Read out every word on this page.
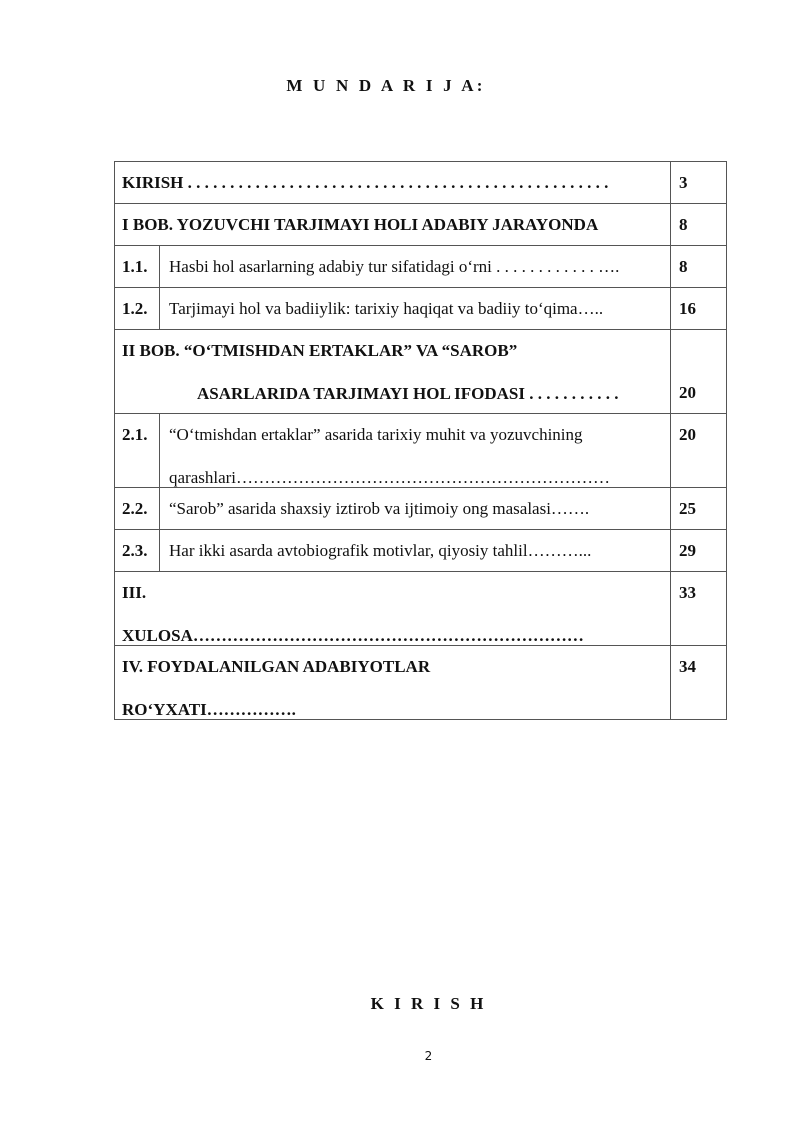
M U N D A R I J A:
KIRISH . . . . . . . . . . . . . . . . . . . . . . . . . . . . . . . . . . . . . . . . . . . . . . . . . .		3
I BOB. YOZUVCHI TARJIMAYI HOLI ADABIY JARAYONDA		8
1.1.	Hasbi hol asarlarning adabiy tur sifatidagi o‘rni . . . . . . . . . . . . ….	8
1.2.	Tarjimayi hol va badiiylik: tarixiy haqiqat va badiiy to‘qima…..	16

II BOB. “O‘TMISHDAN ERTAKLAR” VA “SAROB”
ASARLARIDA TARJIMAYI HOL IFODASI . . . . . . . . . . .		20

2.1.	“O‘tmishdan ertaklar” asarida tarixiy muhit va yozuvchining
qarashlari…………………………………………………………	20
2.2.	“Sarob” asarida shaxsiy iztirob va ijtimoiy ong masalasi…….	25
2.3.	Har ikki asarda avtobiografik motivlar, qiyosiy tahlil………...	29

III.
XULOSA……………………………………………………………		33

IV. FOYDALANILGAN ADABIYOTLAR
RO‘YXATI…………….		34
K I R I S H
2
